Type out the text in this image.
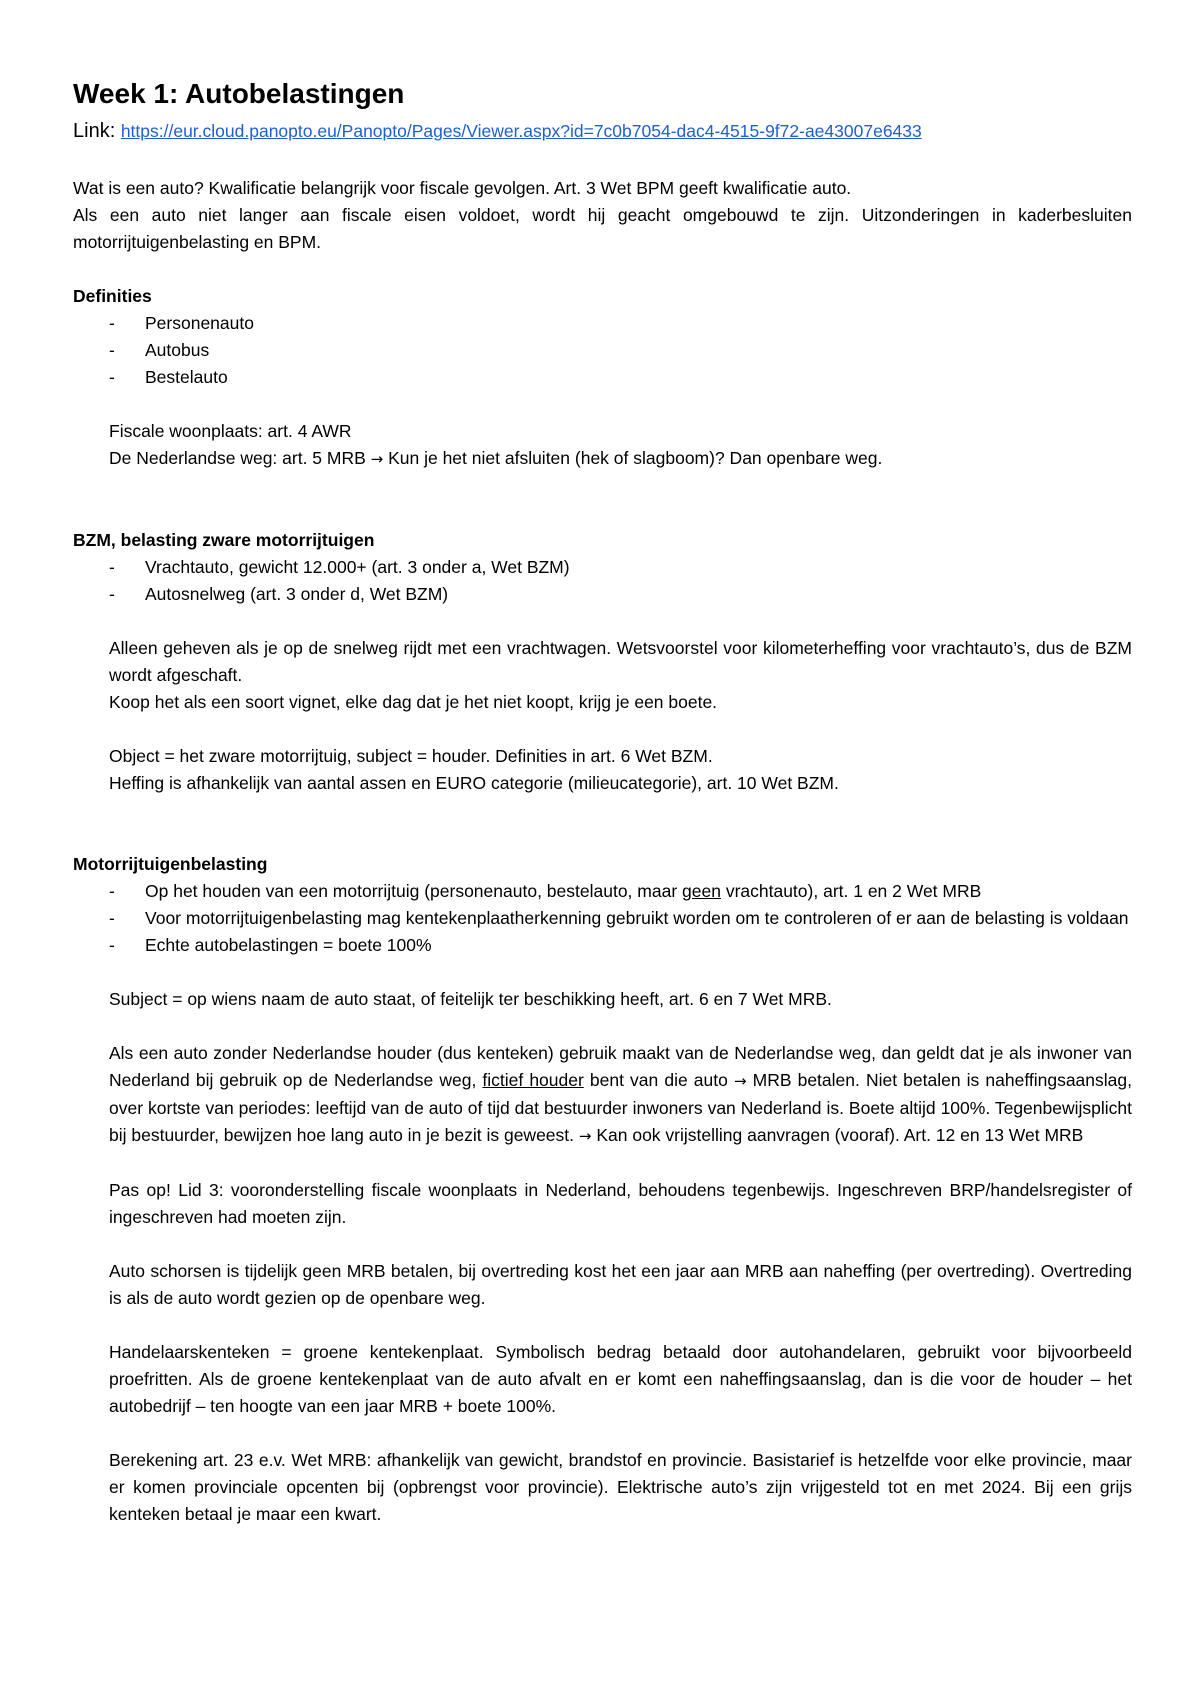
Week 1: Autobelastingen

Link: https://eur.cloud.panopto.eu/Panopto/Pages/Viewer.aspx?id=7c0b7054-dac4-4515-9f72-ae43007e6433

Wat is een auto? Kwalificatie belangrijk voor fiscale gevolgen. Art. 3 Wet BPM geeft kwalificatie auto.

Als een auto niet langer aan fiscale eisen voldoet, wordt hij geacht omgebouwd te zijn. Uitzonderingen in kaderbesluiten motorrijtuigenbelasting en BPM.

Definities

- Personenauto
- Autobus
- Bestelauto

Fiscale woonplaats: art. 4 AWR

De Nederlandse weg: art. 5 MRB → Kun je het niet afsluiten (hek of slagboom)? Dan openbare weg.

BZM, belasting zware motorrijtuigen

- Vrachtauto, gewicht 12.000+ (art. 3 onder a, Wet BZM)
- Autosnelweg (art. 3 onder d, Wet BZM)

Alleen geheven als je op de snelweg rijdt met een vrachtwagen. Wetsvoorstel voor kilometerheffing voor vrachtauto’s, dus de BZM wordt afgeschaft.

Koop het als een soort vignet, elke dag dat je het niet koopt, krijg je een boete.

Object = het zware motorrijtuig, subject = houder. Definities in art. 6 Wet BZM.

Heffing is afhankelijk van aantal assen en EURO categorie (milieucategorie), art. 10 Wet BZM.

Motorrijtuigenbelasting

- Op het houden van een motorrijtuig (personenauto, bestelauto, maar geen vrachtauto), art. 1 en 2 Wet MRB
- Voor motorrijtuigenbelasting mag kentekenplaatherkenning gebruikt worden om te controleren of er aan de belasting is voldaan
- Echte autobelastingen = boete 100%

Subject = op wiens naam de auto staat, of feitelijk ter beschikking heeft, art. 6 en 7 Wet MRB.

Als een auto zonder Nederlandse houder (dus kenteken) gebruik maakt van de Nederlandse weg, dan geldt dat je als inwoner van Nederland bij gebruik op de Nederlandse weg, fictief houder bent van die auto → MRB betalen. Niet betalen is naheffingsaanslag, over kortste van periodes: leeftijd van de auto of tijd dat bestuurder inwoners van Nederland is. Boete altijd 100%. Tegenbewijsplicht bij bestuurder, bewijzen hoe lang auto in je bezit is geweest. → Kan ook vrijstelling aanvragen (vooraf). Art. 12 en 13 Wet MRB

Pas op! Lid 3: vooronderstelling fiscale woonplaats in Nederland, behoudens tegenbewijs. Ingeschreven BRP/handelsregister of ingeschreven had moeten zijn.

Auto schorsen is tijdelijk geen MRB betalen, bij overtreding kost het een jaar aan MRB aan naheffing (per overtreding). Overtreding is als de auto wordt gezien op de openbare weg.

Handelaarskenteken = groene kentekenplaat. Symbolisch bedrag betaald door autohandelaren, gebruikt voor bijvoorbeeld proefritten. Als de groene kentekenplaat van de auto afvalt en er komt een naheffingsaanslag, dan is die voor de houder – het autobedrijf – ten hoogte van een jaar MRB + boete 100%.

Berekening art. 23 e.v. Wet MRB: afhankelijk van gewicht, brandstof en provincie. Basistarief is hetzelfde voor elke provincie, maar er komen provinciale opcenten bij (opbrengst voor provincie). Elektrische auto’s zijn vrijgesteld tot en met 2024. Bij een grijs kenteken betaal je maar een kwart.
